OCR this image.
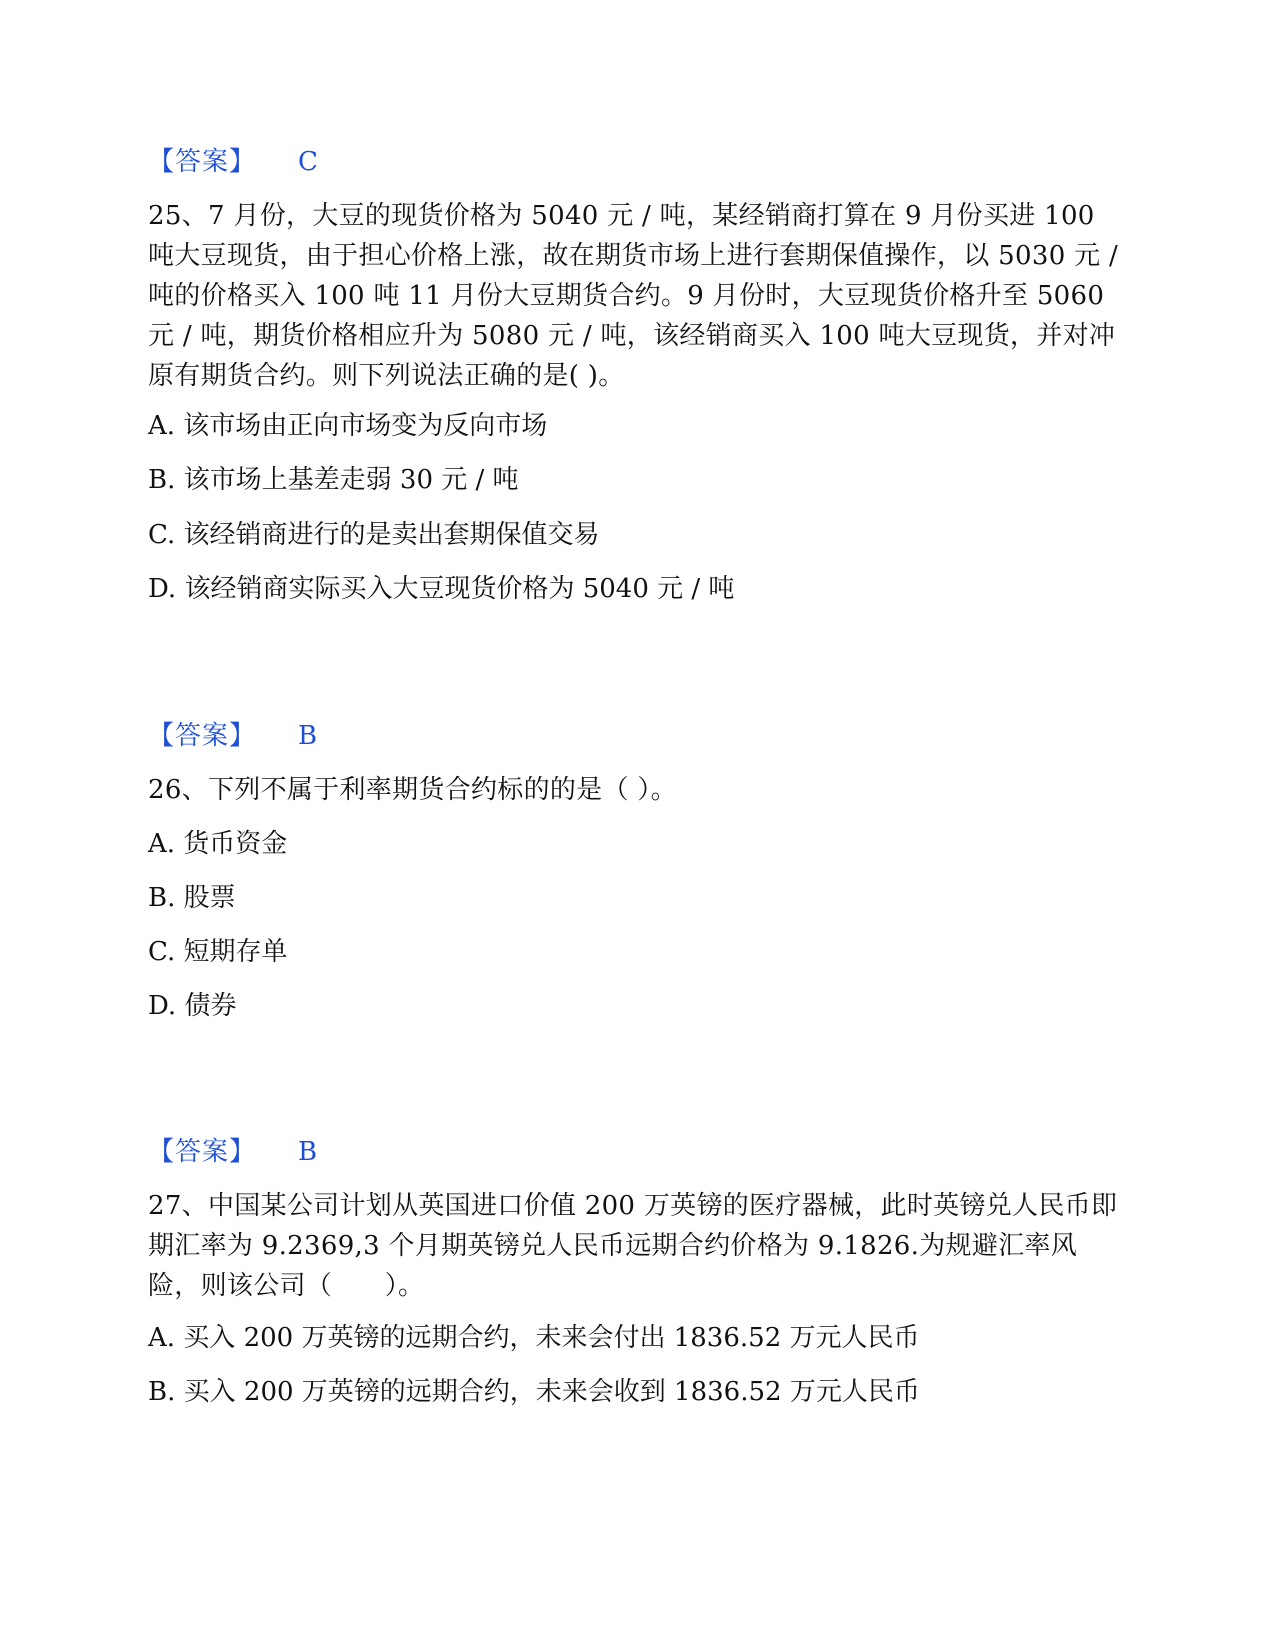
【答案】 C
25、7 月份，大豆的现货价格为 5040 元 / 吨，某经销商打算在 9 月份买进 100 吨大豆现货，由于担心价格上涨，故在期货市场上进行套期保值操作，以 5030 元 / 吨的价格买入 100 吨 11 月份大豆期货合约。9 月份时，大豆现货价格升至 5060 元 / 吨，期货价格相应升为 5080 元 / 吨，该经销商买入 100 吨大豆现货，并对冲原有期货合约。则下列说法正确的是( )。
A. 该市场由正向市场变为反向市场
B. 该市场上基差走弱 30 元 / 吨
C. 该经销商进行的是卖出套期保值交易
D. 该经销商实际买入大豆现货价格为 5040 元 / 吨
【答案】 B
26、下列不属于利率期货合约标的的是（ ）。
A. 货币资金
B. 股票
C. 短期存单
D. 债券
【答案】 B
27、中国某公司计划从英国进口价值 200 万英镑的医疗器械，此时英镑兑人民币即期汇率为 9.2369,3 个月期英镑兑人民币远期合约价格为 9.1826.为规避汇率风险，则该公司（　　）。
A. 买入 200 万英镑的远期合约，未来会付出 1836.52 万元人民币
B. 买入 200 万英镑的远期合约，未来会收到 1836.52 万元人民币
